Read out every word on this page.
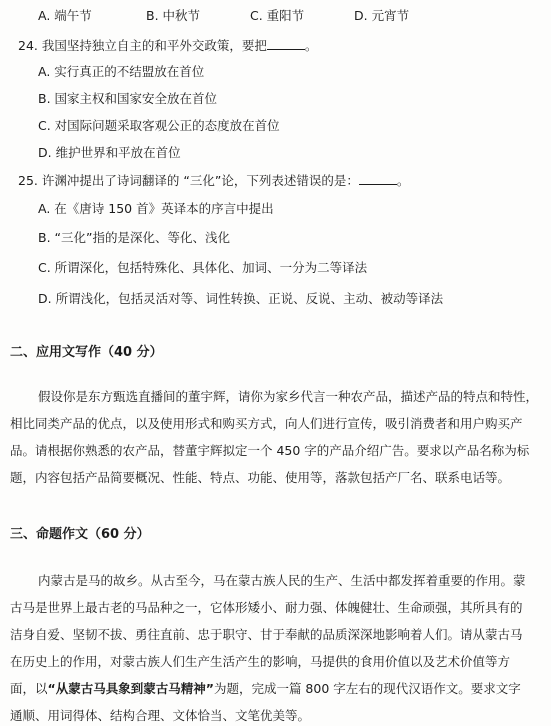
A. 端午节	B. 中秋节	C. 重阳节	D. 元宵节
24. 我国坚持独立自主的和平外交政策，要把	。
A. 实行真正的不结盟放在首位
B. 国家主权和国家安全放在首位
C. 对国际问题采取客观公正的态度放在首位
D. 维护世界和平放在首位
25. 许渊冲提出了诗词翻译的 “三化”论，下列表述错误的是：	。
A. 在《唐诗 150 首》英译本的序言中提出
B. “三化”指的是深化、等化、浅化
C. 所谓深化，包括特殊化、具体化、加词、一分为二等译法
D. 所谓浅化，包括灵活对等、词性转换、正说、反说、主动、被动等译法
二、应用文写作（40 分）
假设你是东方甄选直播间的董宇辉，请你为家乡代言一种农产品，描述产品的特点和特性，
相比同类产品的优点，以及使用形式和购买方式，向人们进行宣传，吸引消费者和用户购买产
品。请根据你熟悉的农产品，替董宇辉拟定一个 450 字的产品介绍广告。要求以产品名称为标
题，内容包括产品简要概况、性能、特点、功能、使用等，落款包括产厂名、联系电话等。
三、命题作文（60 分）
内蒙古是马的故乡。从古至今，马在蒙古族人民的生产、生活中都发挥着重要的作用。蒙
古马是世界上最古老的马品种之一，它体形矮小、耐力强、体魄健壮、生命顽强，其所具有的
洁身自爱、坚韧不拔、勇往直前、忠于职守、甘于奉献的品质深深地影响着人们。请从蒙古马
在历史上的作用，对蒙古族人们生产生活产生的影响，马提供的食用价值以及艺术价值等方
面，以“从蒙古马具象到蒙古马精神”为题，完成一篇 800 字左右的现代汉语作文。要求文字
通顺、用词得体、结构合理、文体恰当、文笔优美等。
